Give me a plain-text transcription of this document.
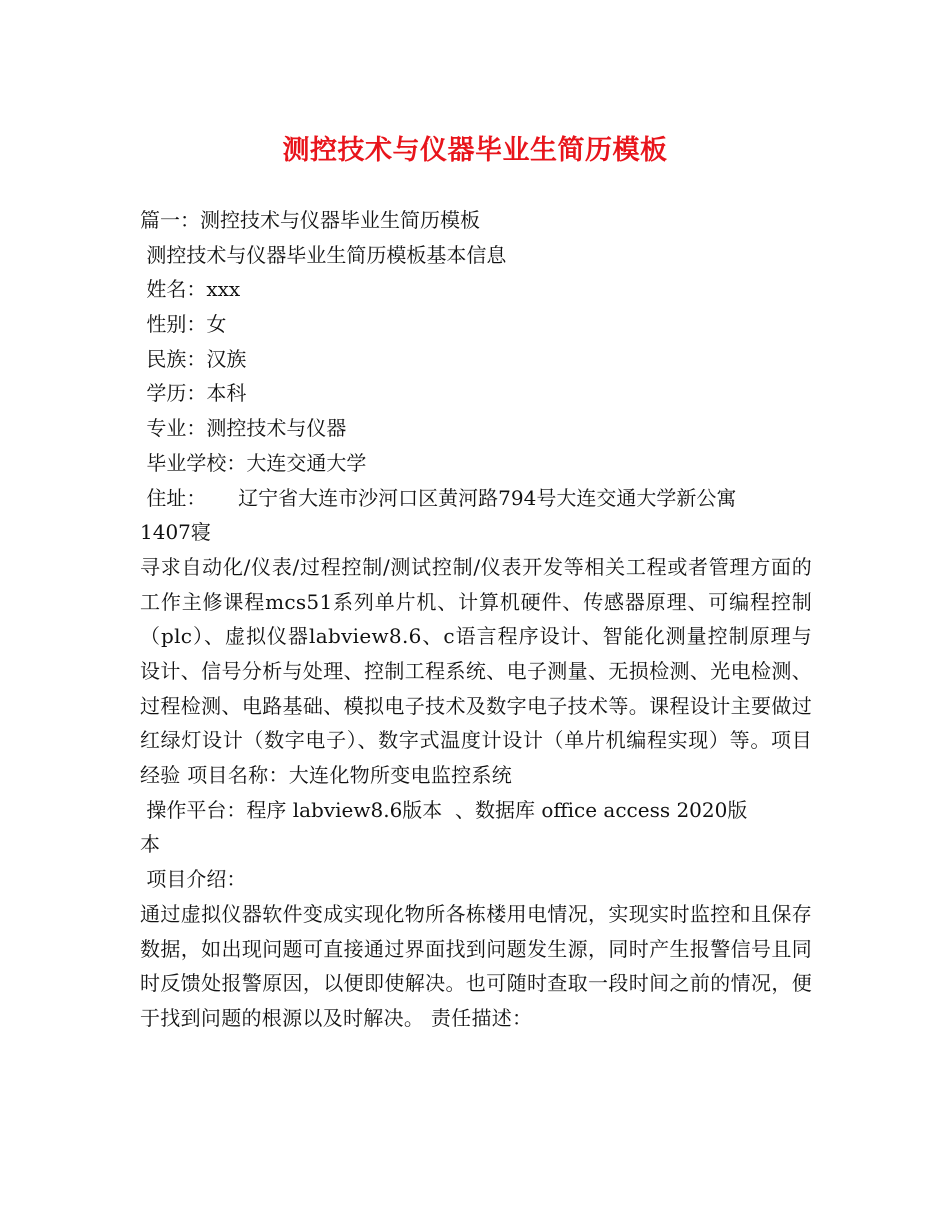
测控技术与仪器毕业生简历模板
篇一：测控技术与仪器毕业生简历模板
测控技术与仪器毕业生简历模板基本信息
姓名：xxx
性别：女
民族：汉族
学历：本科
专业：测控技术与仪器
毕业学校：大连交通大学
住址：     辽宁省大连市沙河口区黄河路794号大连交通大学新公寓
1407寝
寻求自动化/仪表/过程控制/测试控制/仪表开发等相关工程或者管理方面的工作主修课程mcs51系列单片机、计算机硬件、传感器原理、可编程控制（plc）、虚拟仪器labview8.6、c语言程序设计、智能化测量控制原理与设计、信号分析与处理、控制工程系统、电子测量、无损检测、光电检测、过程检测、电路基础、模拟电子技术及数字电子技术等。课程设计主要做过红绿灯设计（数字电子）、数字式温度计设计（单片机编程实现）等。项目经验 项目名称：大连化物所变电监控系统
操作平台：程序 labview8.6版本  、数据库 office access 2020版
本
项目介绍：
通过虚拟仪器软件变成实现化物所各栋楼用电情况，实现实时监控和且保存数据，如出现问题可直接通过界面找到问题发生源，同时产生报警信号且同时反馈处报警原因，以便即使解决。也可随时查取一段时间之前的情况，便于找到问题的根源以及时解决。 责任描述：
